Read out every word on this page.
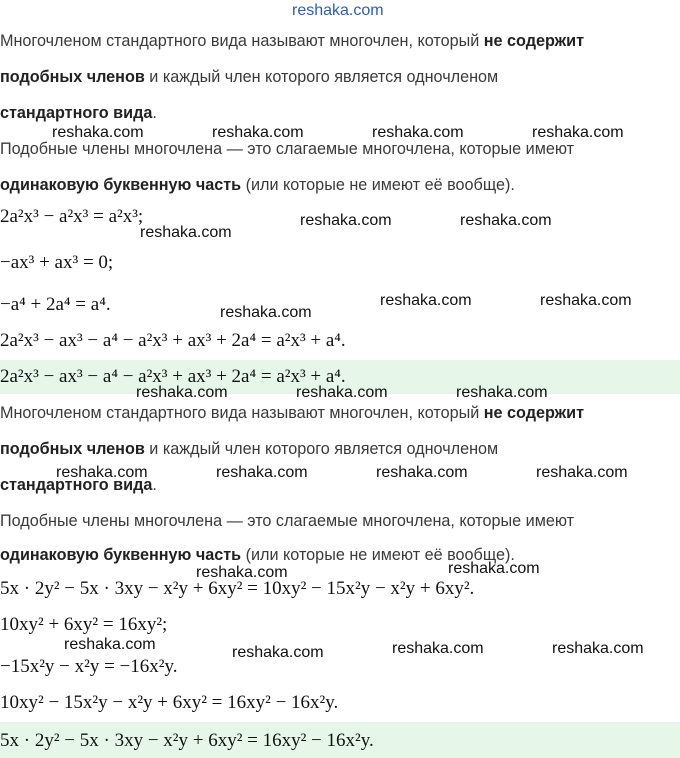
reshaka.com
Многочленом стандартного вида называют многочлен, который не содержит
подобных членов и каждый член которого является одночленом
стандартного вида.
Подобные члены многочлена — это слагаемые многочлена, которые имеют
одинаковую буквенную часть (или которые не имеют её вообще).
2a²x³ − a²x³ = a²x³;
−ax³ + ax³ = 0;
−a⁴ + 2a⁴ = a⁴.
2a²x³ − ax³ − a⁴ − a²x³ + ax³ + 2a⁴ = a²x³ + a⁴.
2a²x³ − ax³ − a⁴ − a²x³ + ax³ + 2a⁴ = a²x³ + a⁴.
Многочленом стандартного вида называют многочлен, который не содержит
подобных членов и каждый член которого является одночленом
стандартного вида.
Подобные члены многочлена — это слагаемые многочлена, которые имеют
одинаковую буквенную часть (или которые не имеют её вообще).
5x · 2y² − 5x · 3xy − x²y + 6xy² = 10xy² − 15x²y − x²y + 6xy².
10xy² + 6xy² = 16xy²;
−15x²y − x²y = −16x²y.
10xy² − 15x²y − x²y + 6xy² = 16xy² − 16x²y.
5x · 2y² − 5x · 3xy − x²y + 6xy² = 16xy² − 16x²y.
reshaka.com	reshaka.com	reshaka.com	reshaka.com
reshaka.com	reshaka.com
reshaka.com
reshaka.com	reshaka.com
reshaka.com
reshaka.com	reshaka.com	reshaka.com
reshaka.com	reshaka.com	reshaka.com	reshaka.com
reshaka.com	reshaka.com
reshaka.com	reshaka.com	reshaka.com	reshaka.com
